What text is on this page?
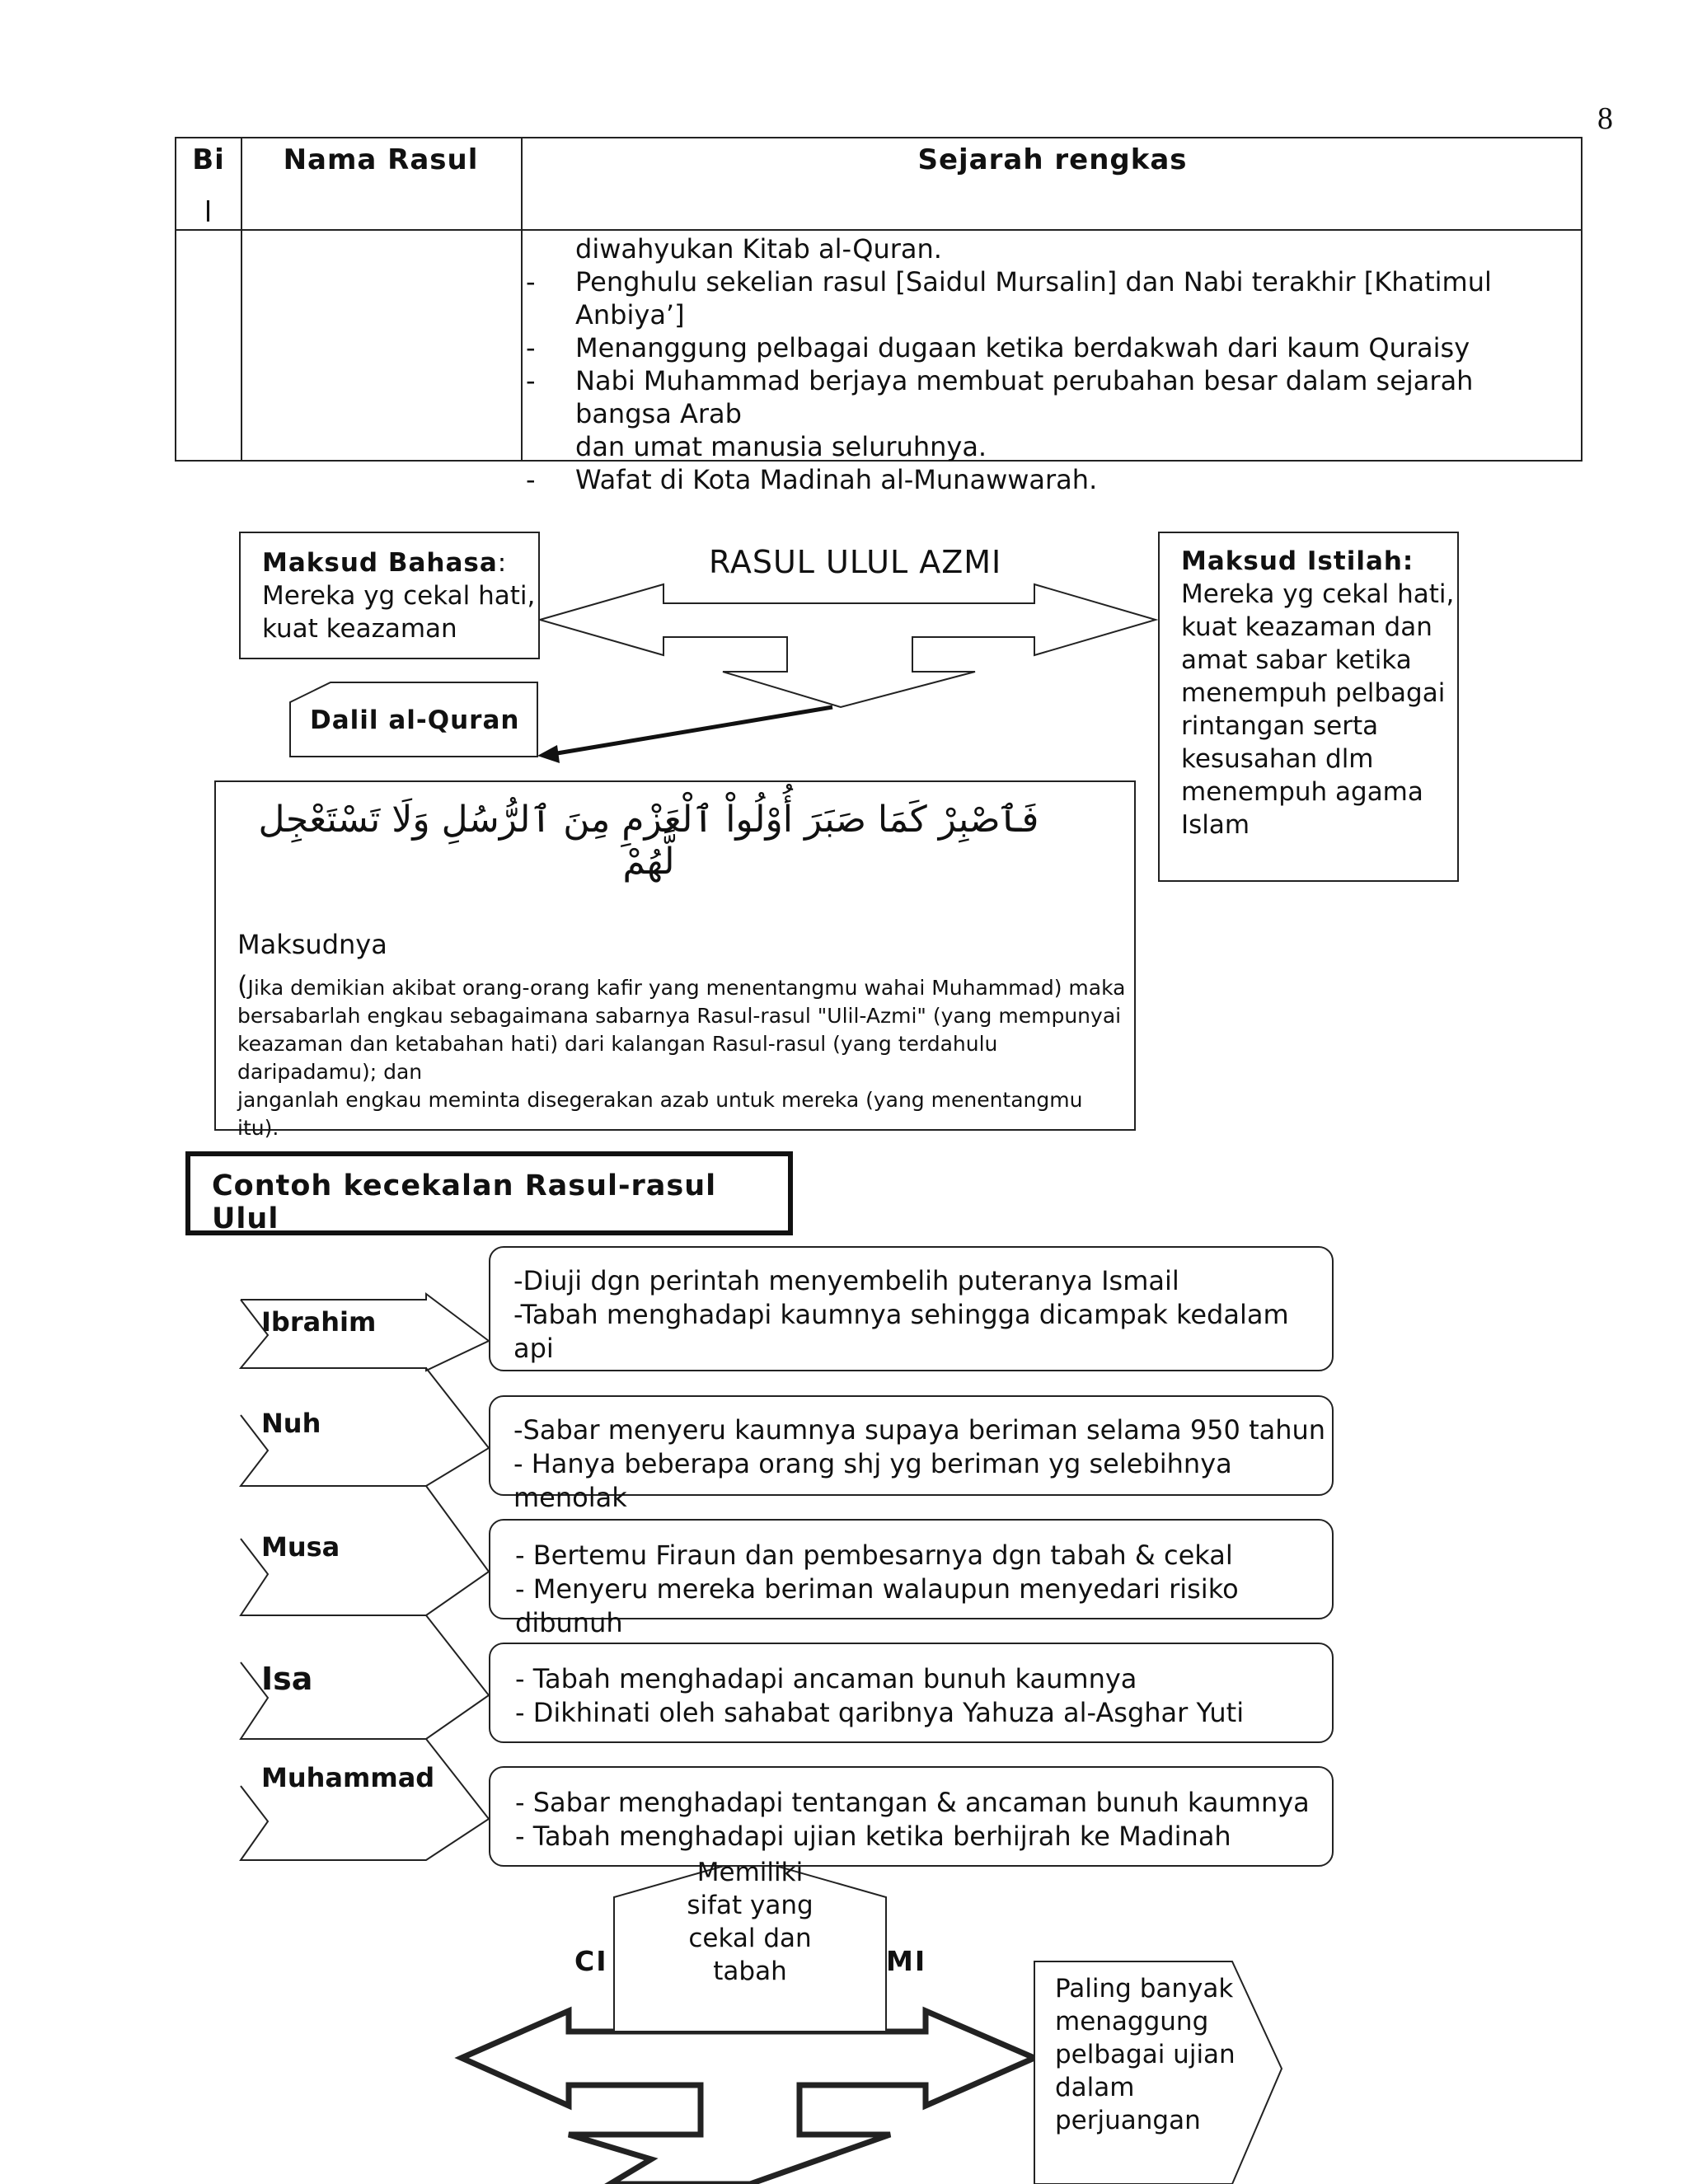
8
Bi
l
Nama Rasul	Sejarah rengkas
diwahyukan Kitab al-Quran.
- Penghulu sekelian rasul [Saidul Mursalin] dan Nabi terakhir [Khatimul Anbiya’]
- Menanggung pelbagai dugaan ketika berdakwah dari kaum Quraisy
- Nabi Muhammad berjaya membuat perubahan besar dalam sejarah bangsa Arab
dan umat manusia seluruhnya.
- Wafat di Kota Madinah al-Munawwarah.
Maksud Bahasa:
Mereka yg cekal hati,
kuat keazaman
RASUL ULUL AZMI	Maksud Istilah:
Mereka yg cekal hati,
kuat keazaman dan
amat sabar ketika
menempuh pelbagai
rintangan serta
kesusahan dlm
menempuh agama
Islam
Dalil al-Quran
فَٱصْبِرْ كَمَا صَبَرَ أُوْلُواْ ٱلْعَزْمِ مِنَ ٱلرُّسُلِ وَلَا تَسْتَعْجِل لَّهُمْ
Maksudnya
(Jika demikian akibat orang-orang kafir yang menentangmu wahai Muhammad) maka
bersabarlah engkau sebagaimana sabarnya Rasul-rasul "Ulil-Azmi" (yang mempunyai
keazaman dan ketabahan hati) dari kalangan Rasul-rasul (yang terdahulu daripadamu); dan
janganlah engkau meminta disegerakan azab untuk mereka (yang menentangmu itu).
Contoh kecekalan Rasul-rasul Ulul
Ibrahim
Nuh
Musa
Isa
Muhammad
-Diuji dgn perintah menyembelih puteranya Ismail
-Tabah menghadapi kaumnya sehingga dicampak kedalam api
-Sabar menyeru kaumnya supaya beriman selama 950 tahun
- Hanya beberapa orang shj yg beriman yg selebihnya menolak
- Bertemu Firaun dan pembesarnya dgn tabah & cekal
- Menyeru mereka beriman walaupun menyedari risiko dibunuh
- Tabah menghadapi ancaman bunuh kaumnya
- Dikhinati oleh sahabat qaribnya Yahuza al-Asghar Yuti
- Sabar menghadapi tentangan & ancaman bunuh kaumnya
- Tabah menghadapi ujian ketika berhijrah ke Madinah
CI	MI
Memiliki
sifat yang
cekal dan
tabah
Paling banyak
menaggung
pelbagai ujian
dalam
perjuangan
